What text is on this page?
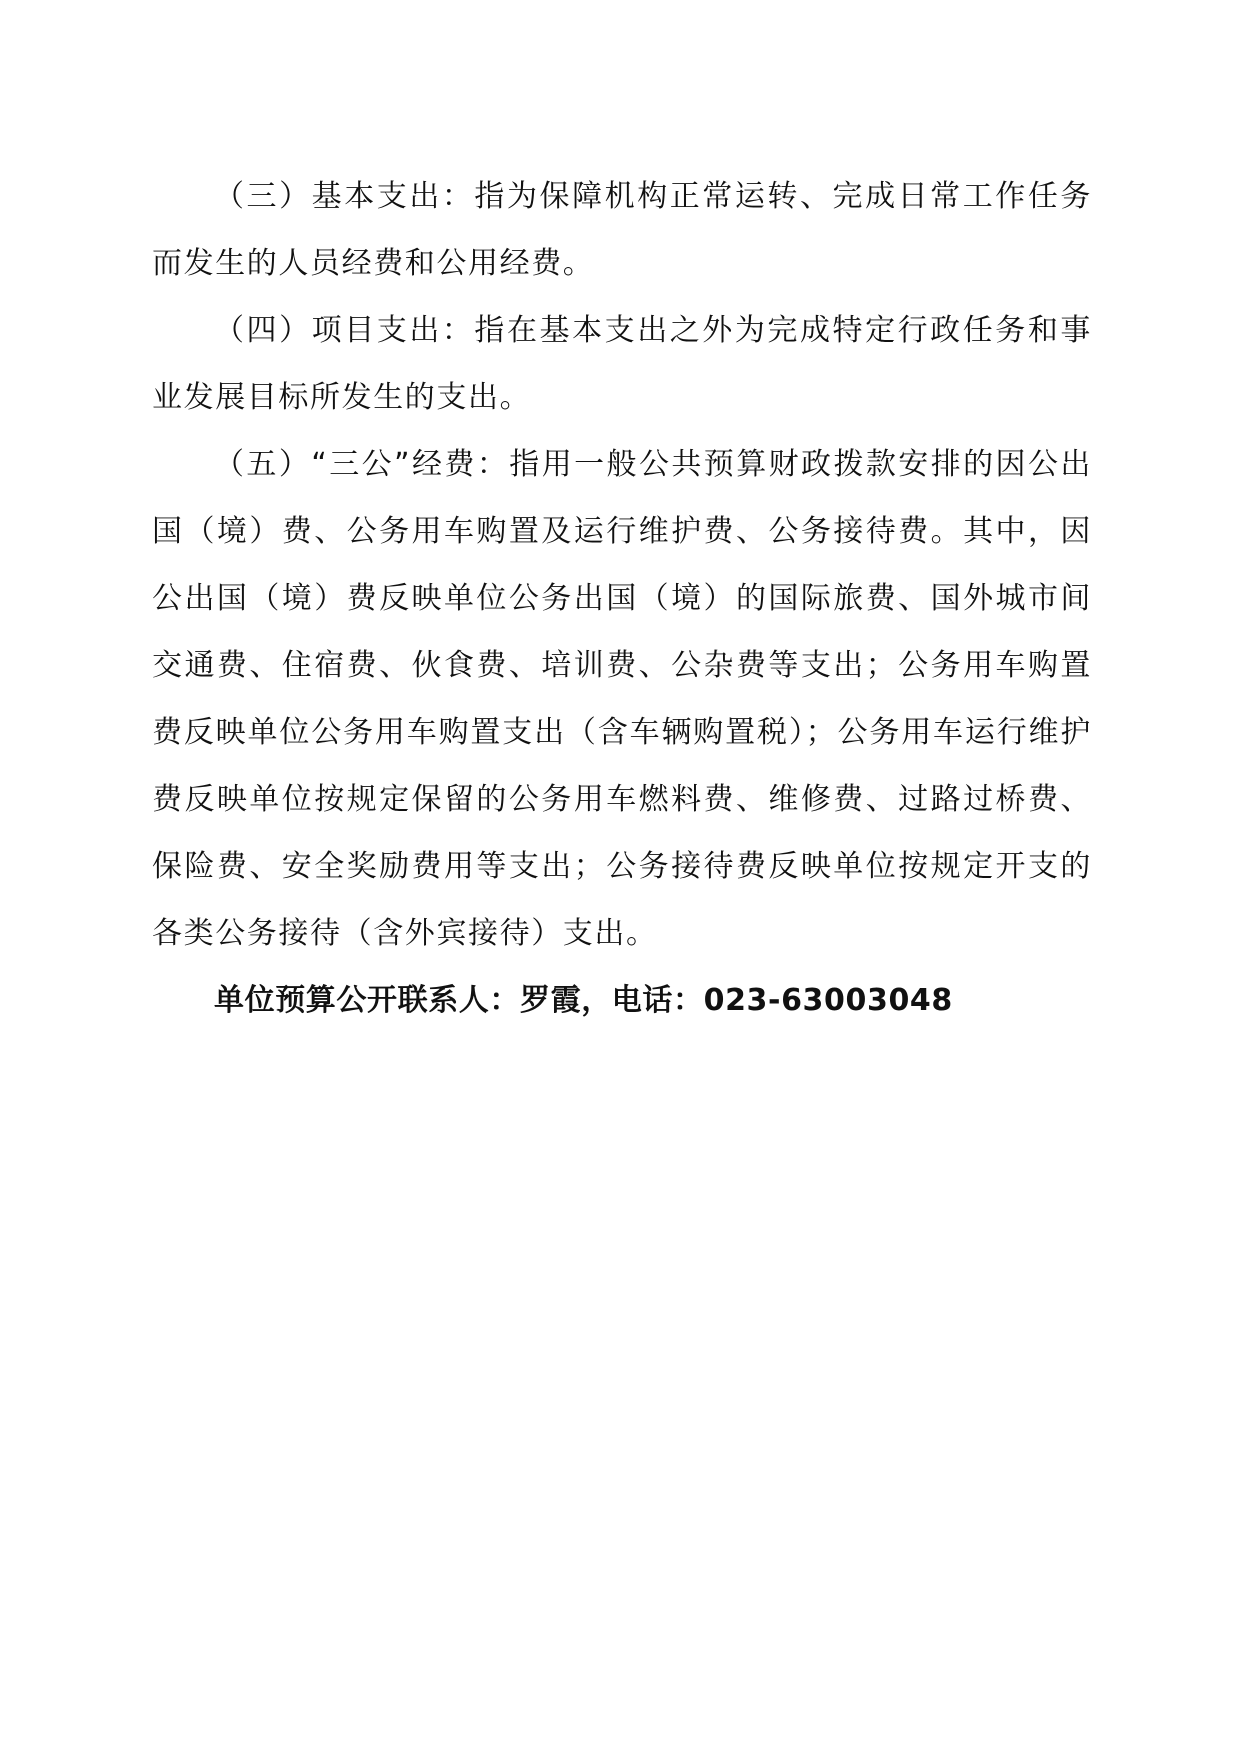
（三）基本支出：指为保障机构正常运转、完成日常工作任务而发生的人员经费和公用经费。

（四）项目支出：指在基本支出之外为完成特定行政任务和事业发展目标所发生的支出。

（五）“三公”经费：指用一般公共预算财政拨款安排的因公出国（境）费、公务用车购置及运行维护费、公务接待费。其中，因公出国（境）费反映单位公务出国（境）的国际旅费、国外城市间交通费、住宿费、伙食费、培训费、公杂费等支出；公务用车购置费反映单位公务用车购置支出（含车辆购置税）；公务用车运行维护费反映单位按规定保留的公务用车燃料费、维修费、过路过桥费、保险费、安全奖励费用等支出；公务接待费反映单位按规定开支的各类公务接待（含外宾接待）支出。

单位预算公开联系人：罗霞，电话：023-63003048
